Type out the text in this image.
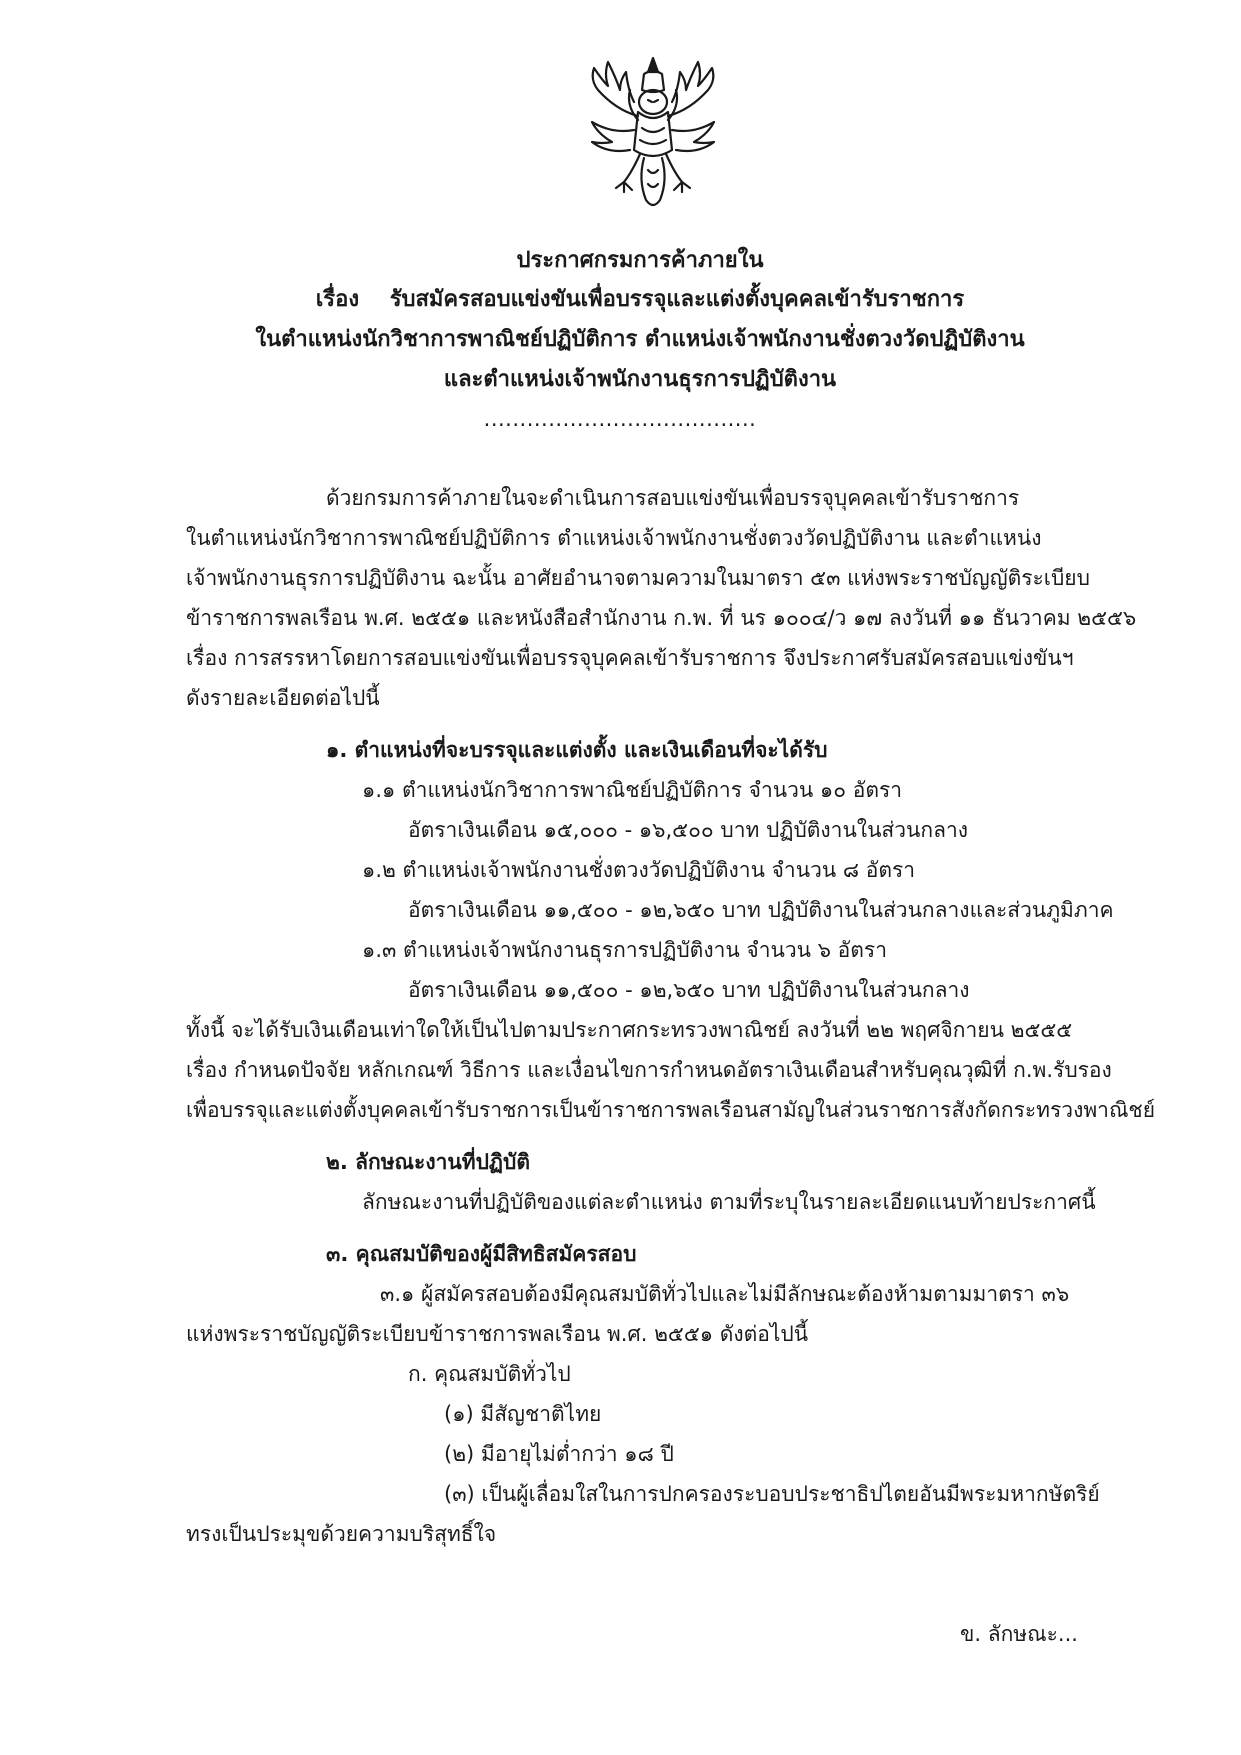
ประกาศกรมการค้าภายใน
เรื่อง รับสมัครสอบแข่งขันเพื่อบรรจุและแต่งตั้งบุคคลเข้ารับราชการ
ในตำแหน่งนักวิชาการพาณิชย์ปฏิบัติการ ตำแหน่งเจ้าพนักงานชั่งตวงวัดปฏิบัติงาน
และตำแหน่งเจ้าพนักงานธุรการปฏิบัติงาน
......................................
ด้วยกรมการค้าภายในจะดำเนินการสอบแข่งขันเพื่อบรรจุบุคคลเข้ารับราชการ
ในตำแหน่งนักวิชาการพาณิชย์ปฏิบัติการ ตำแหน่งเจ้าพนักงานชั่งตวงวัดปฏิบัติงาน และตำแหน่ง
เจ้าพนักงานธุรการปฏิบัติงาน ฉะนั้น อาศัยอำนาจตามความในมาตรา ๕๓ แห่งพระราชบัญญัติระเบียบ
ข้าราชการพลเรือน พ.ศ. ๒๕๕๑ และหนังสือสำนักงาน ก.พ. ที่ นร ๑๐๐๔/ว ๑๗ ลงวันที่ ๑๑ ธันวาคม ๒๕๕๖
เรื่อง การสรรหาโดยการสอบแข่งขันเพื่อบรรจุบุคคลเข้ารับราชการ จึงประกาศรับสมัครสอบแข่งขันฯ
ดังรายละเอียดต่อไปนี้
๑. ตำแหน่งที่จะบรรจุและแต่งตั้ง และเงินเดือนที่จะได้รับ
๑.๑ ตำแหน่งนักวิชาการพาณิชย์ปฏิบัติการ จำนวน ๑๐ อัตรา
อัตราเงินเดือน ๑๕,๐๐๐ - ๑๖,๕๐๐ บาท ปฏิบัติงานในส่วนกลาง
๑.๒ ตำแหน่งเจ้าพนักงานชั่งตวงวัดปฏิบัติงาน จำนวน ๘ อัตรา
อัตราเงินเดือน ๑๑,๕๐๐ - ๑๒,๖๕๐ บาท ปฏิบัติงานในส่วนกลางและส่วนภูมิภาค
๑.๓ ตำแหน่งเจ้าพนักงานธุรการปฏิบัติงาน จำนวน ๖ อัตรา
อัตราเงินเดือน ๑๑,๕๐๐ - ๑๒,๖๕๐ บาท ปฏิบัติงานในส่วนกลาง
ทั้งนี้ จะได้รับเงินเดือนเท่าใดให้เป็นไปตามประกาศกระทรวงพาณิชย์ ลงวันที่ ๒๒ พฤศจิกายน ๒๕๕๕
เรื่อง กำหนดปัจจัย หลักเกณฑ์ วิธีการ และเงื่อนไขการกำหนดอัตราเงินเดือนสำหรับคุณวุฒิที่ ก.พ.รับรอง
เพื่อบรรจุและแต่งตั้งบุคคลเข้ารับราชการเป็นข้าราชการพลเรือนสามัญในส่วนราชการสังกัดกระทรวงพาณิชย์
๒. ลักษณะงานที่ปฏิบัติ
ลักษณะงานที่ปฏิบัติของแต่ละตำแหน่ง ตามที่ระบุในรายละเอียดแนบท้ายประกาศนี้
๓. คุณสมบัติของผู้มีสิทธิสมัครสอบ
๓.๑ ผู้สมัครสอบต้องมีคุณสมบัติทั่วไปและไม่มีลักษณะต้องห้ามตามมาตรา ๓๖
แห่งพระราชบัญญัติระเบียบข้าราชการพลเรือน พ.ศ. ๒๕๕๑ ดังต่อไปนี้
ก. คุณสมบัติทั่วไป
(๑) มีสัญชาติไทย
(๒) มีอายุไม่ต่ำกว่า ๑๘ ปี
(๓) เป็นผู้เลื่อมใสในการปกครองระบอบประชาธิปไตยอันมีพระมหากษัตริย์
ทรงเป็นประมุขด้วยความบริสุทธิ์ใจ
ข. ลักษณะ...
